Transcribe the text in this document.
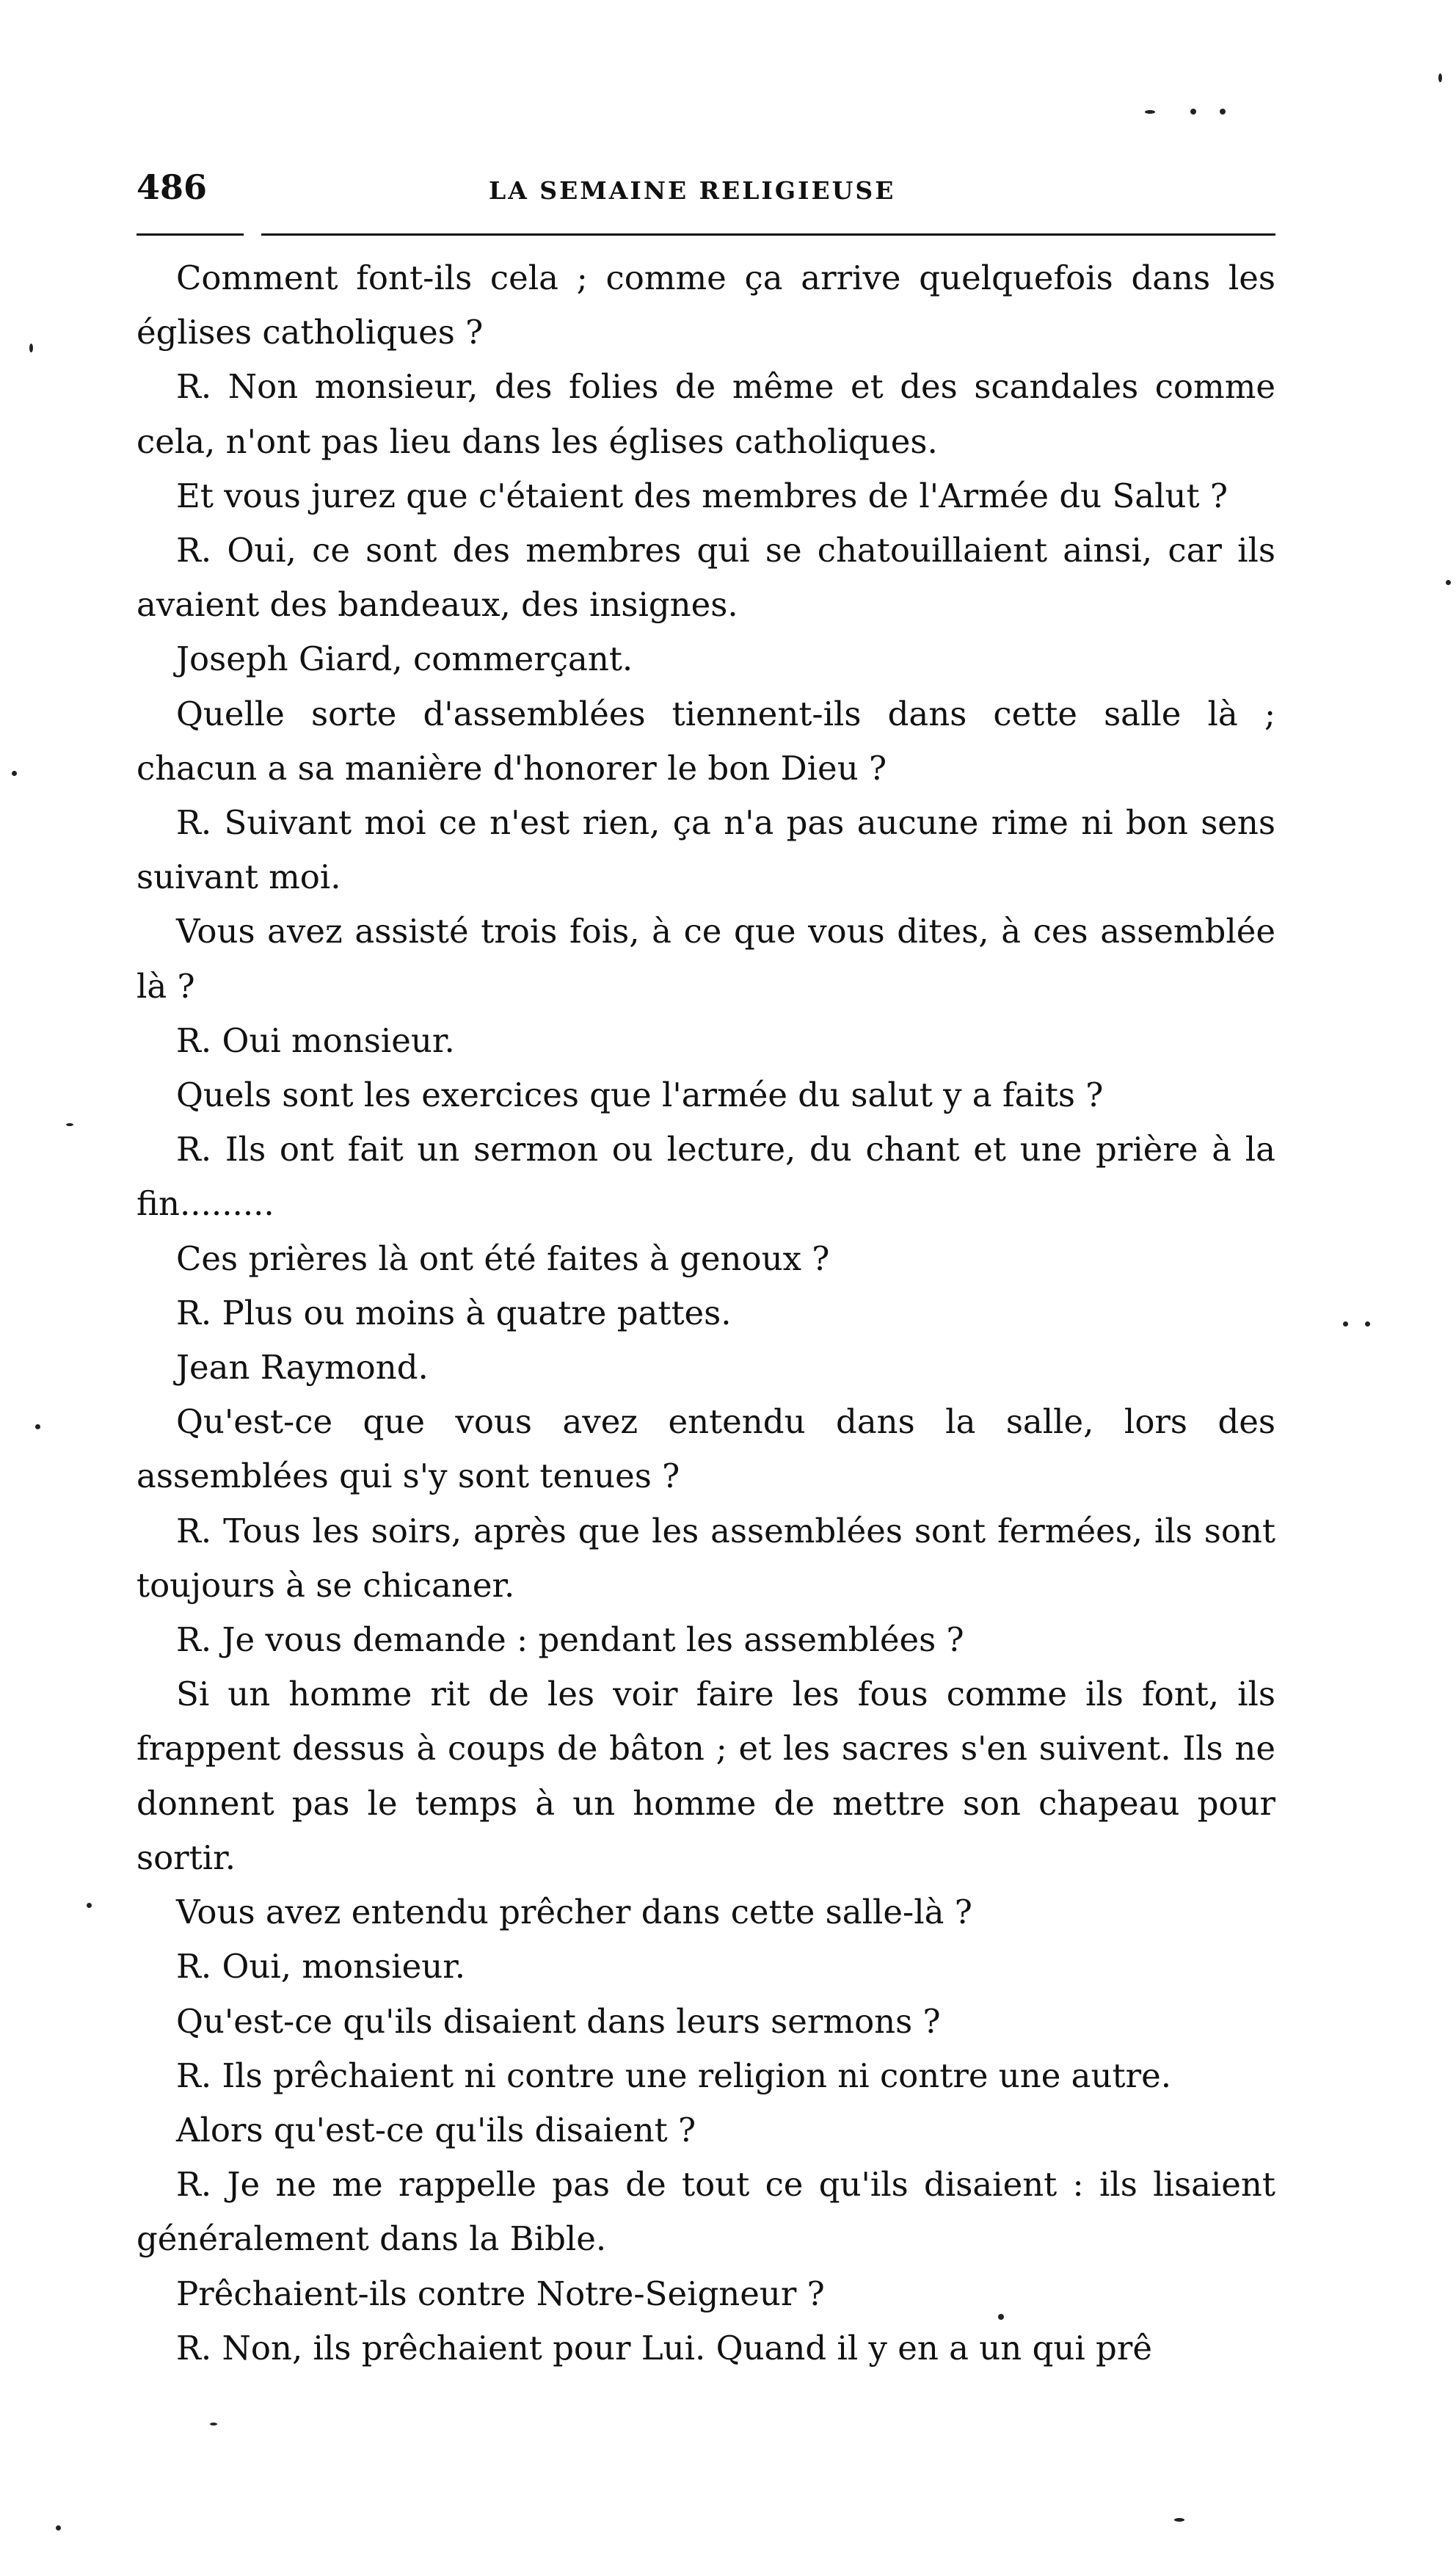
486	LA SEMAINE RELIGIEUSE

Comment font-ils cela ; comme ça arrive quelquefois dans les églises catholiques ?

R. Non monsieur, des folies de même et des scandales comme cela, n'ont pas lieu dans les églises catholiques.

Et vous jurez que c'étaient des membres de l'Armée du Salut ?

R. Oui, ce sont des membres qui se chatouillaient ainsi, car ils avaient des bandeaux, des insignes.

Joseph Giard, commerçant.

Quelle sorte d'assemblées tiennent-ils dans cette salle là ; chacun a sa manière d'honorer le bon Dieu ?

R. Suivant moi ce n'est rien, ça n'a pas aucune rime ni bon sens suivant moi.

Vous avez assisté trois fois, à ce que vous dites, à ces assemblée là ?

R. Oui monsieur.

Quels sont les exercices que l'armée du salut y a faits ?

R. Ils ont fait un sermon ou lecture, du chant et une prière à la fin.........

Ces prières là ont été faites à genoux ?

R. Plus ou moins à quatre pattes.

Jean Raymond.

Qu'est-ce que vous avez entendu dans la salle, lors des assemblées qui s'y sont tenues ?

R. Tous les soirs, après que les assemblées sont fermées, ils sont toujours à se chicaner.

R. Je vous demande : pendant les assemblées ?

Si un homme rit de les voir faire les fous comme ils font, ils frappent dessus à coups de bâton ; et les sacres s'en suivent. Ils ne donnent pas le temps à un homme de mettre son chapeau pour sortir.

Vous avez entendu prêcher dans cette salle-là ?

R. Oui, monsieur.

Qu'est-ce qu'ils disaient dans leurs sermons ?

R. Ils prêchaient ni contre une religion ni contre une autre.

Alors qu'est-ce qu'ils disaient ?

R. Je ne me rappelle pas de tout ce qu'ils disaient : ils lisaient généralement dans la Bible.

Prêchaient-ils contre Notre-Seigneur ?

R. Non, ils prêchaient pour Lui. Quand il y en a un qui prê
